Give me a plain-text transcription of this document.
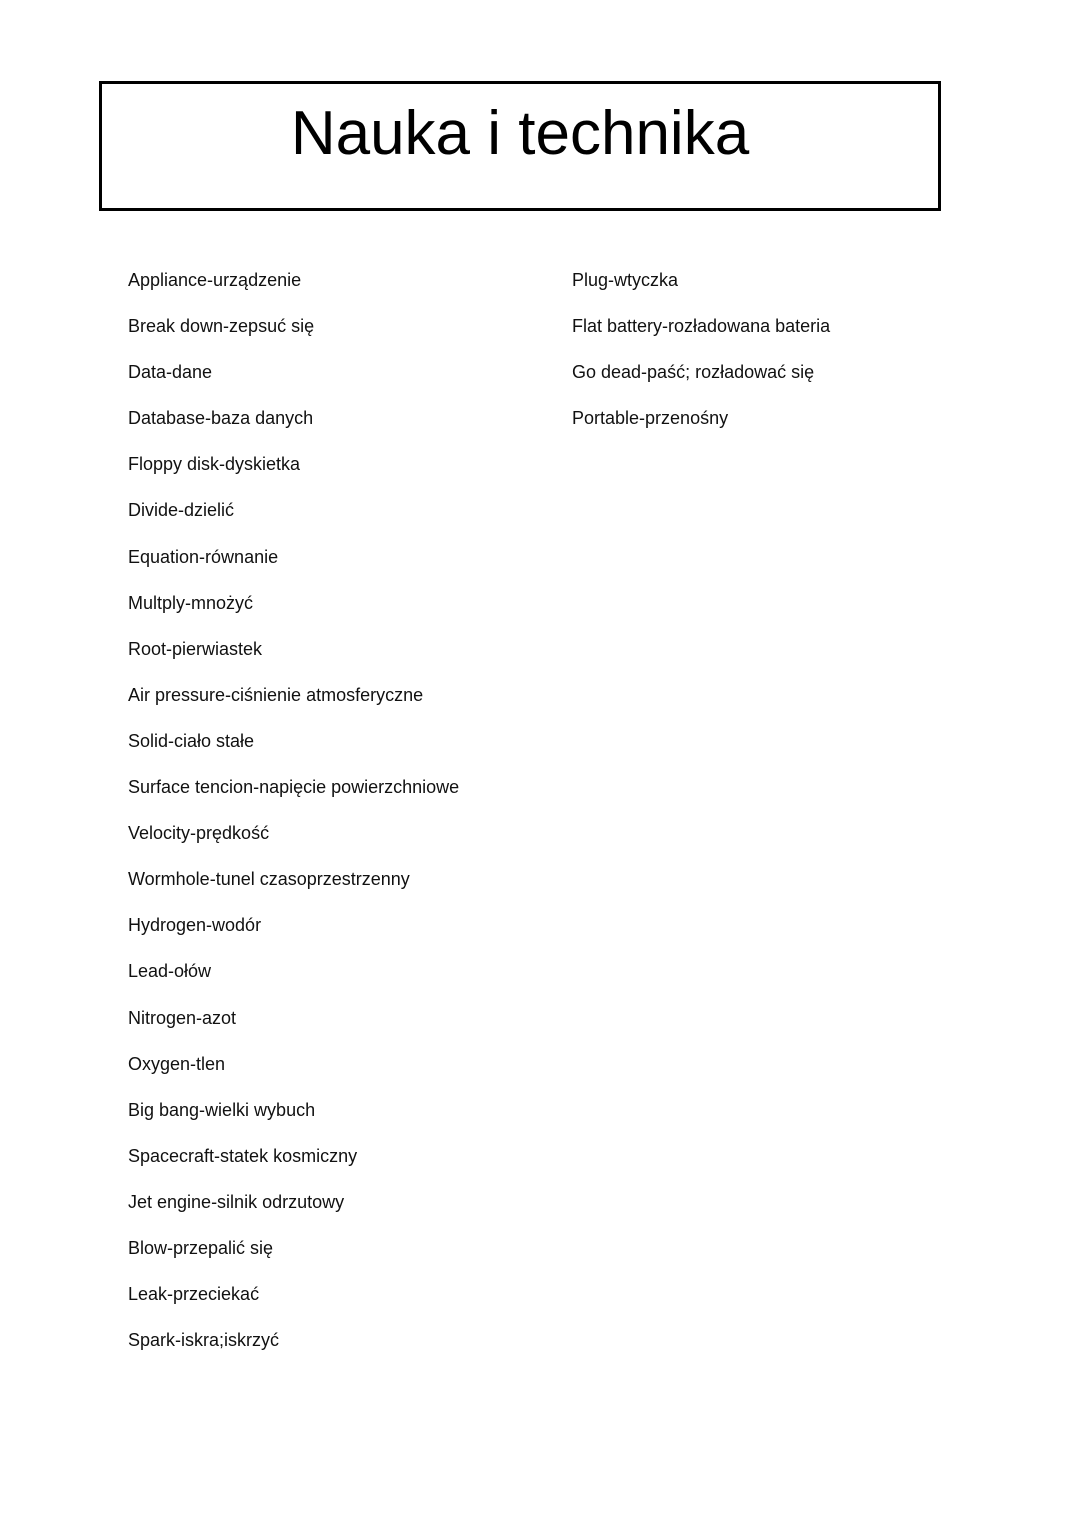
Nauka i technika
Appliance-urządzenie
Break down-zepsuć się
Data-dane
Database-baza danych
Floppy disk-dyskietka
Divide-dzielić
Equation-równanie
Multply-mnożyć
Root-pierwiastek
Air pressure-ciśnienie atmosferyczne
Solid-ciało stałe
Surface tencion-napięcie powierzchniowe
Velocity-prędkość
Wormhole-tunel czasoprzestrzenny
Hydrogen-wodór
Lead-ołów
Nitrogen-azot
Oxygen-tlen
Big bang-wielki wybuch
Spacecraft-statek kosmiczny
Jet engine-silnik odrzutowy
Blow-przepalić się
Leak-przeciekać
Spark-iskra;iskrzyć
Plug-wtyczka
Flat battery-rozładowana bateria
Go dead-paść; rozładować się
Portable-przenośny
